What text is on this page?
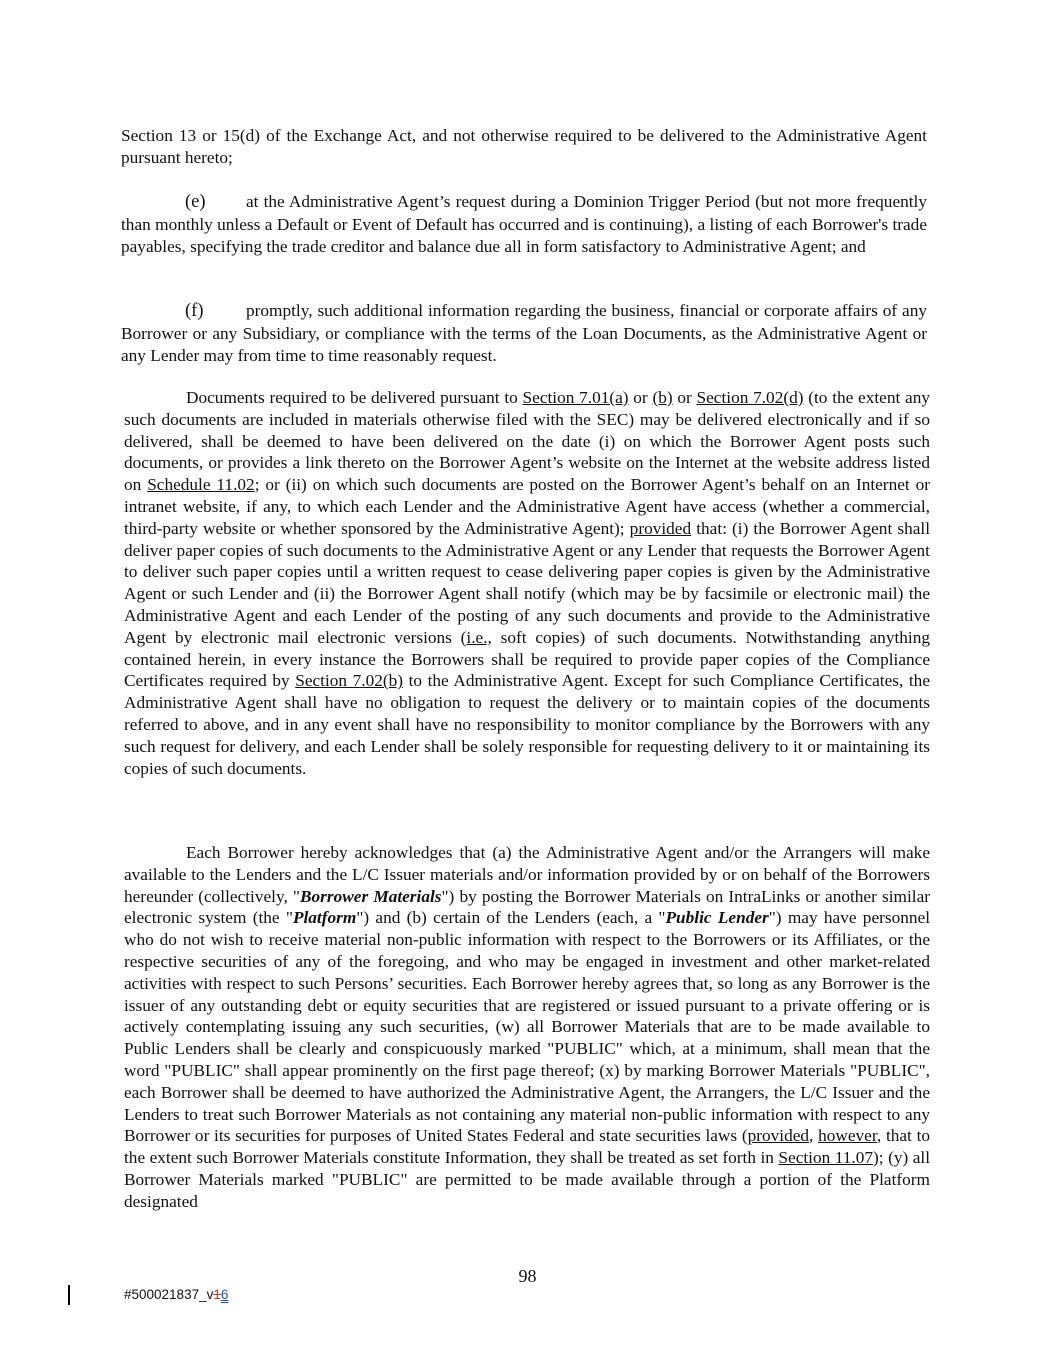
Section 13 or 15(d) of the Exchange Act, and not otherwise required to be delivered to the Administrative Agent pursuant hereto;

(e) at the Administrative Agent’s request during a Dominion Trigger Period (but not more frequently than monthly unless a Default or Event of Default has occurred and is continuing), a listing of each Borrower's trade payables, specifying the trade creditor and balance due all in form satisfactory to Administrative Agent; and

(f) promptly, such additional information regarding the business, financial or corporate affairs of any Borrower or any Subsidiary, or compliance with the terms of the Loan Documents, as the Administrative Agent or any Lender may from time to time reasonably request.

Documents required to be delivered pursuant to Section 7.01(a) or (b) or Section 7.02(d) (to the extent any such documents are included in materials otherwise filed with the SEC) may be delivered electronically and if so delivered, shall be deemed to have been delivered on the date (i) on which the Borrower Agent posts such documents, or provides a link thereto on the Borrower Agent’s website on the Internet at the website address listed on Schedule 11.02; or (ii) on which such documents are posted on the Borrower Agent’s behalf on an Internet or intranet website, if any, to which each Lender and the Administrative Agent have access (whether a commercial, third-party website or whether sponsored by the Administrative Agent); provided that: (i) the Borrower Agent shall deliver paper copies of such documents to the Administrative Agent or any Lender that requests the Borrower Agent to deliver such paper copies until a written request to cease delivering paper copies is given by the Administrative Agent or such Lender and (ii) the Borrower Agent shall notify (which may be by facsimile or electronic mail) the Administrative Agent and each Lender of the posting of any such documents and provide to the Administrative Agent by electronic mail electronic versions (i.e., soft copies) of such documents. Notwithstanding anything contained herein, in every instance the Borrowers shall be required to provide paper copies of the Compliance Certificates required by Section 7.02(b) to the Administrative Agent. Except for such Compliance Certificates, the Administrative Agent shall have no obligation to request the delivery or to maintain copies of the documents referred to above, and in any event shall have no responsibility to monitor compliance by the Borrowers with any such request for delivery, and each Lender shall be solely responsible for requesting delivery to it or maintaining its copies of such documents.

Each Borrower hereby acknowledges that (a) the Administrative Agent and/or the Arrangers will make available to the Lenders and the L/C Issuer materials and/or information provided by or on behalf of the Borrowers hereunder (collectively, "Borrower Materials") by posting the Borrower Materials on IntraLinks or another similar electronic system (the "Platform") and (b) certain of the Lenders (each, a "Public Lender") may have personnel who do not wish to receive material non-public information with respect to the Borrowers or its Affiliates, or the respective securities of any of the foregoing, and who may be engaged in investment and other market-related activities with respect to such Persons’ securities. Each Borrower hereby agrees that, so long as any Borrower is the issuer of any outstanding debt or equity securities that are registered or issued pursuant to a private offering or is actively contemplating issuing any such securities, (w) all Borrower Materials that are to be made available to Public Lenders shall be clearly and conspicuously marked "PUBLIC" which, at a minimum, shall mean that the word "PUBLIC" shall appear prominently on the first page thereof; (x) by marking Borrower Materials "PUBLIC", each Borrower shall be deemed to have authorized the Administrative Agent, the Arrangers, the L/C Issuer and the Lenders to treat such Borrower Materials as not containing any material non-public information with respect to any Borrower or its securities for purposes of United States Federal and state securities laws (provided, however, that to the extent such Borrower Materials constitute Information, they shall be treated as set forth in Section 11.07); (y) all Borrower Materials marked "PUBLIC" are permitted to be made available through a portion of the Platform designated

98

#500021837_v16
